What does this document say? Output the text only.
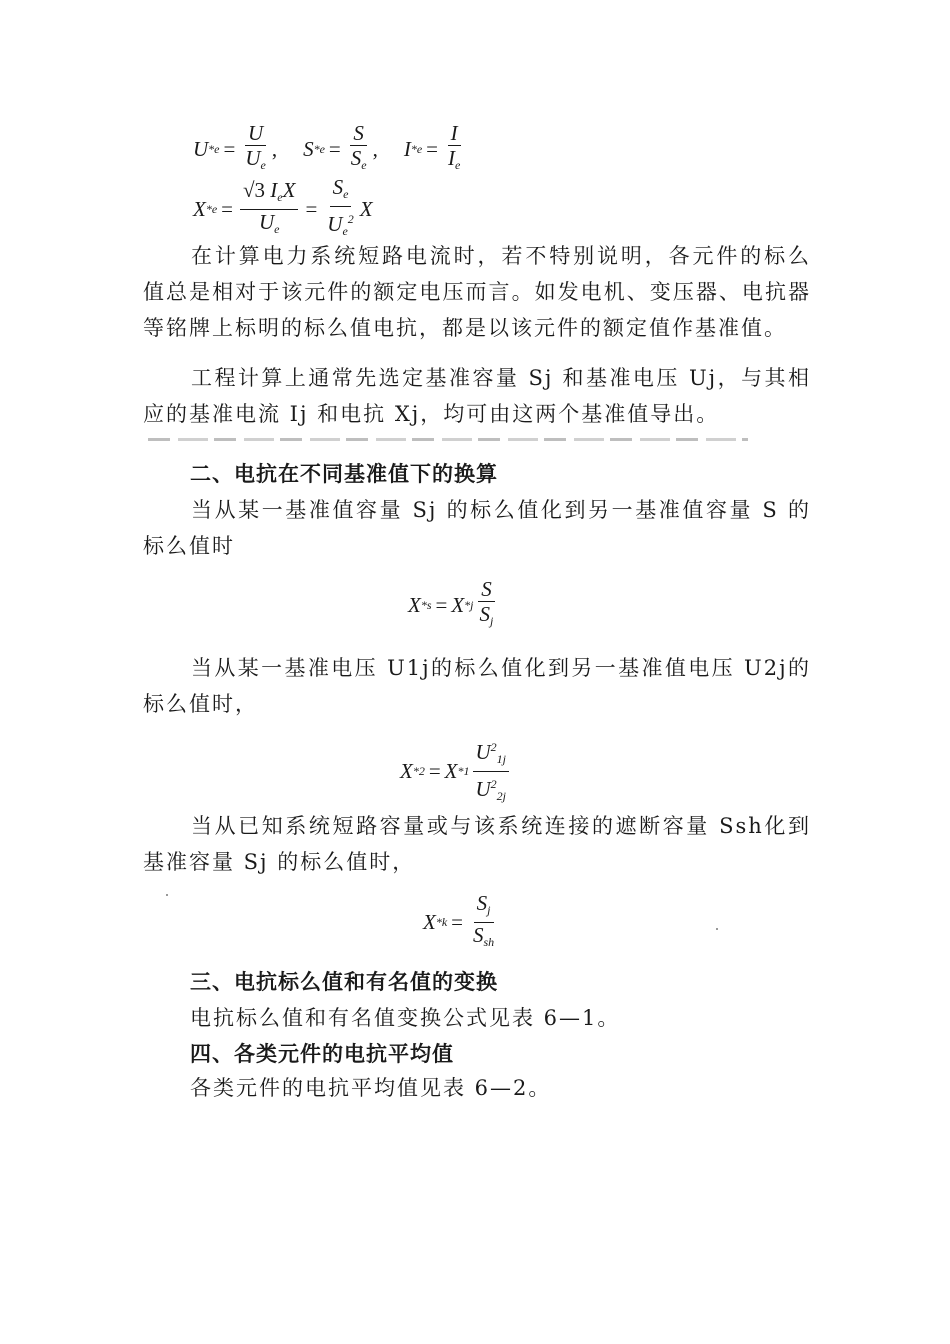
U $*e = \frac{U}{U_e}$ , S $*e = \frac{S}{S_e}$ , I $*e = \frac{I}{I_e}$
X $*e = \frac{√3 I_eX}{U_e} = \frac{S_e}{U_e^2}$ X

在计算电力系统短路电流时，若不特别说明，各元件的标么值总是相对于该元件的额定电压而言。如发电机、变压器、电抗器等铭牌上标明的标么值电抗，都是以该元件的额定值作基准值。

工程计算上通常先选定基准容量 Sj 和基准电压 Uj，与其相应的基准电流 Ij 和电抗 Xj，均可由这两个基准值导出。

二、电抗在不同基准值下的换算

当从某一基准值容量 Sj 的标么值化到另一基准值容量 S 的标么值时

X *s = X $*j \frac{S}{S_j}$

当从某一基准电压 U1j的标么值化到另一基准值电压 U2j的标么值时，

X *2 = X $*1 \frac{U^2_{1j}}{U^2_{2j}}$

当从已知系统短路容量或与该系统连接的遮断容量 Ssh化到基准容量 Sj 的标么值时，

X $*k = \frac{S_j}{S_{sh}}$
三、电抗标么值和有名值的变换

电抗标么值和有名值变换公式见表 6—1。

四、各类元件的电抗平均值

各类元件的电抗平均值见表 6—2。
